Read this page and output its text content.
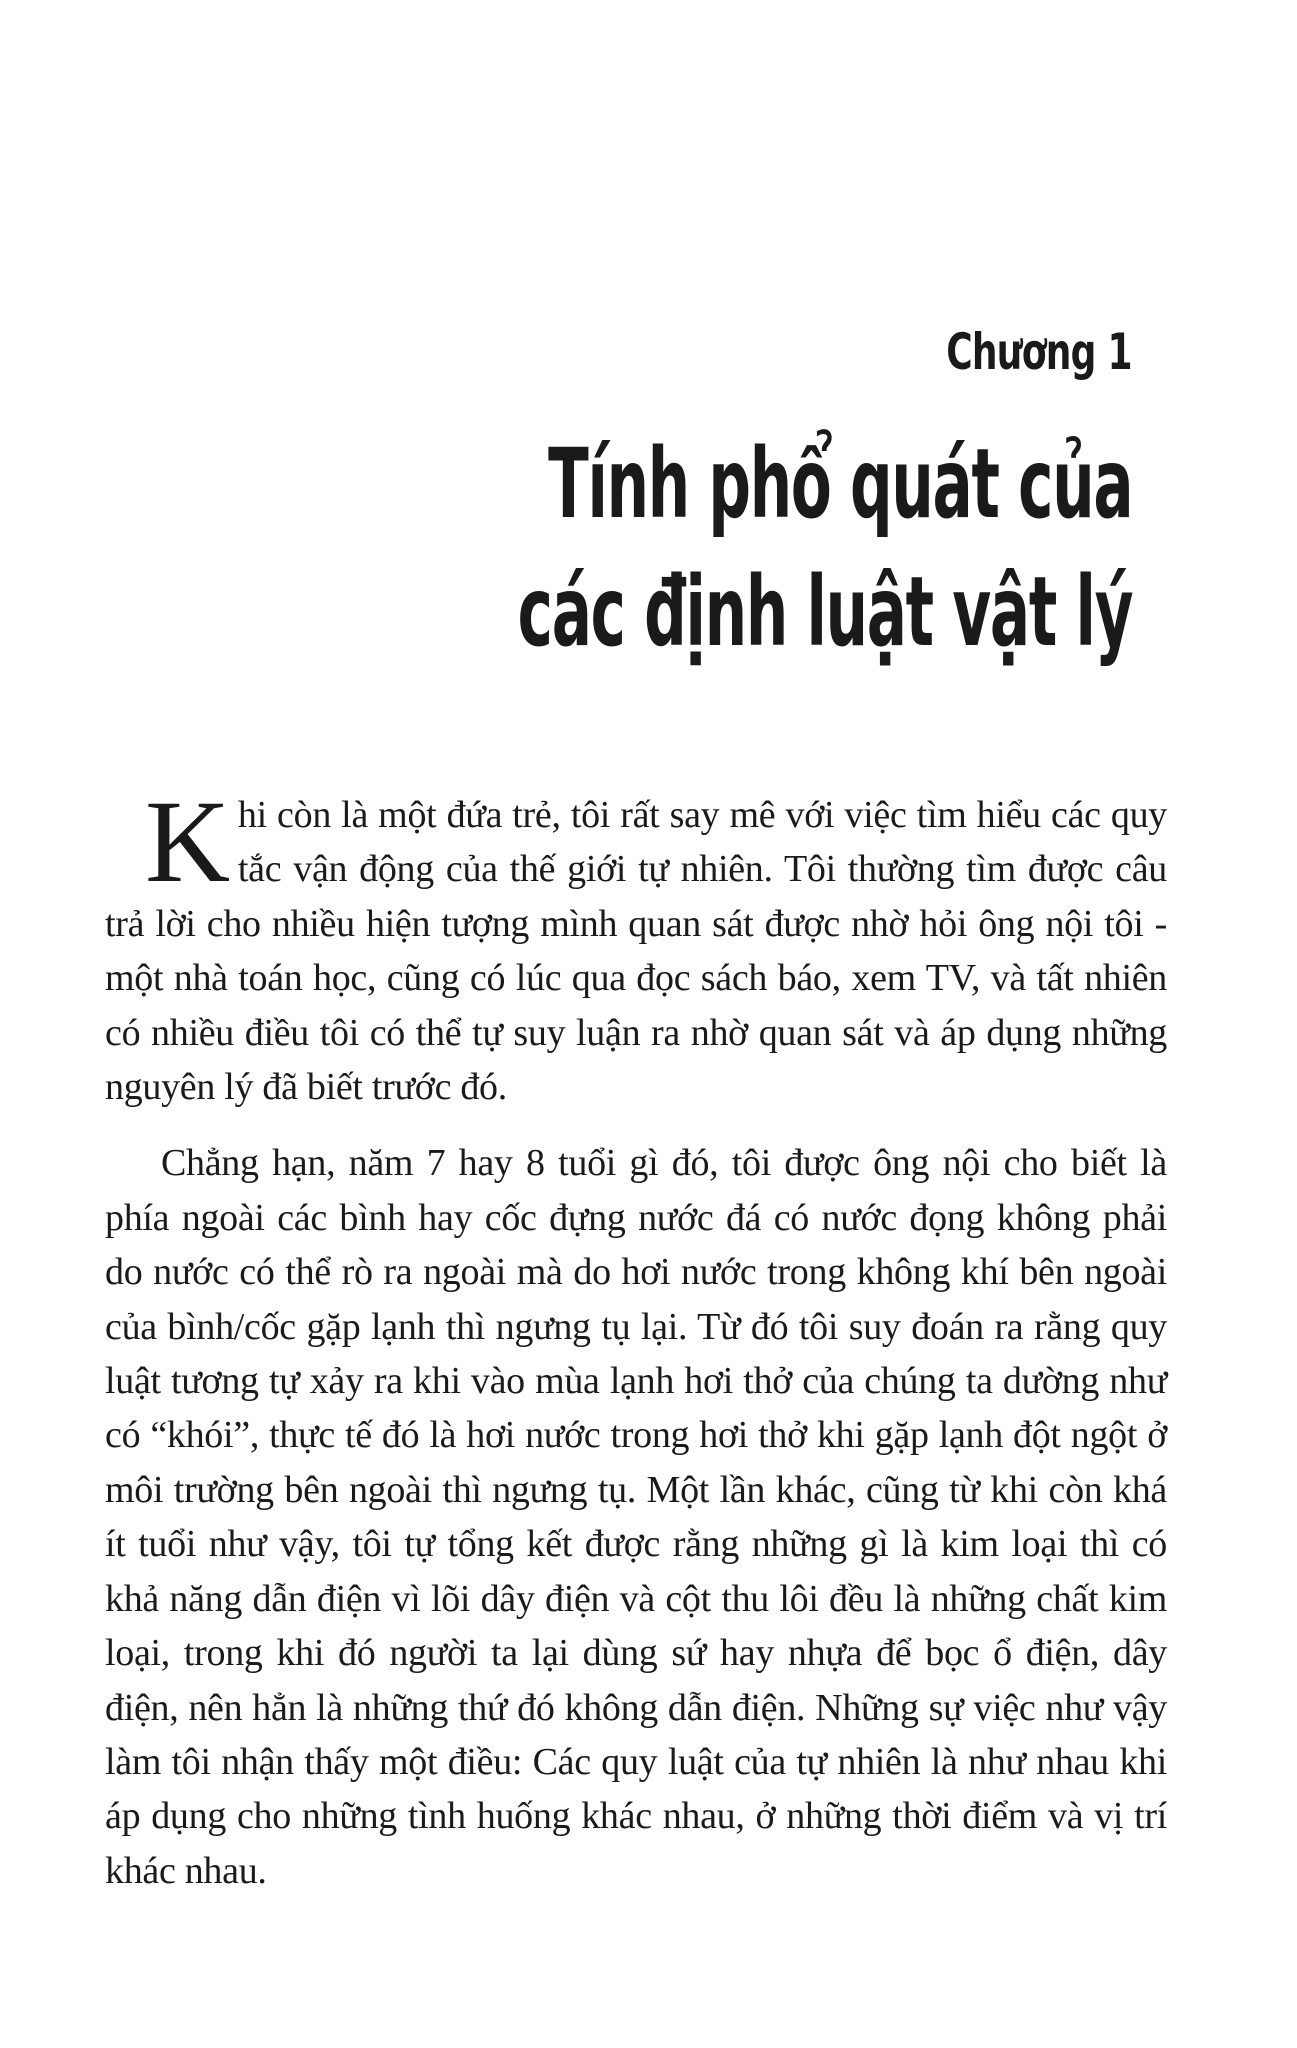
Chương 1
Tính phổ quát của
các định luật vật lý

Khi còn là một đứa trẻ, tôi rất say mê với việc tìm hiểu các quy tắc vận động của thế giới tự nhiên. Tôi thường tìm được câu trả lời cho nhiều hiện tượng mình quan sát được nhờ hỏi ông nội tôi - một nhà toán học, cũng có lúc qua đọc sách báo, xem TV, và tất nhiên có nhiều điều tôi có thể tự suy luận ra nhờ quan sát và áp dụng những nguyên lý đã biết trước đó.

Chẳng hạn, năm 7 hay 8 tuổi gì đó, tôi được ông nội cho biết là phía ngoài các bình hay cốc đựng nước đá có nước đọng không phải do nước có thể rò ra ngoài mà do hơi nước trong không khí bên ngoài của bình/cốc gặp lạnh thì ngưng tụ lại. Từ đó tôi suy đoán ra rằng quy luật tương tự xảy ra khi vào mùa lạnh hơi thở của chúng ta dường như có “khói”, thực tế đó là hơi nước trong hơi thở khi gặp lạnh đột ngột ở môi trường bên ngoài thì ngưng tụ. Một lần khác, cũng từ khi còn khá ít tuổi như vậy, tôi tự tổng kết được rằng những gì là kim loại thì có khả năng dẫn điện vì lõi dây điện và cột thu lôi đều là những chất kim loại, trong khi đó người ta lại dùng sứ hay nhựa để bọc ổ điện, dây điện, nên hẳn là những thứ đó không dẫn điện. Những sự việc như vậy làm tôi nhận thấy một điều: Các quy luật của tự nhiên là như nhau khi áp dụng cho những tình huống khác nhau, ở những thời điểm và vị trí khác nhau.
